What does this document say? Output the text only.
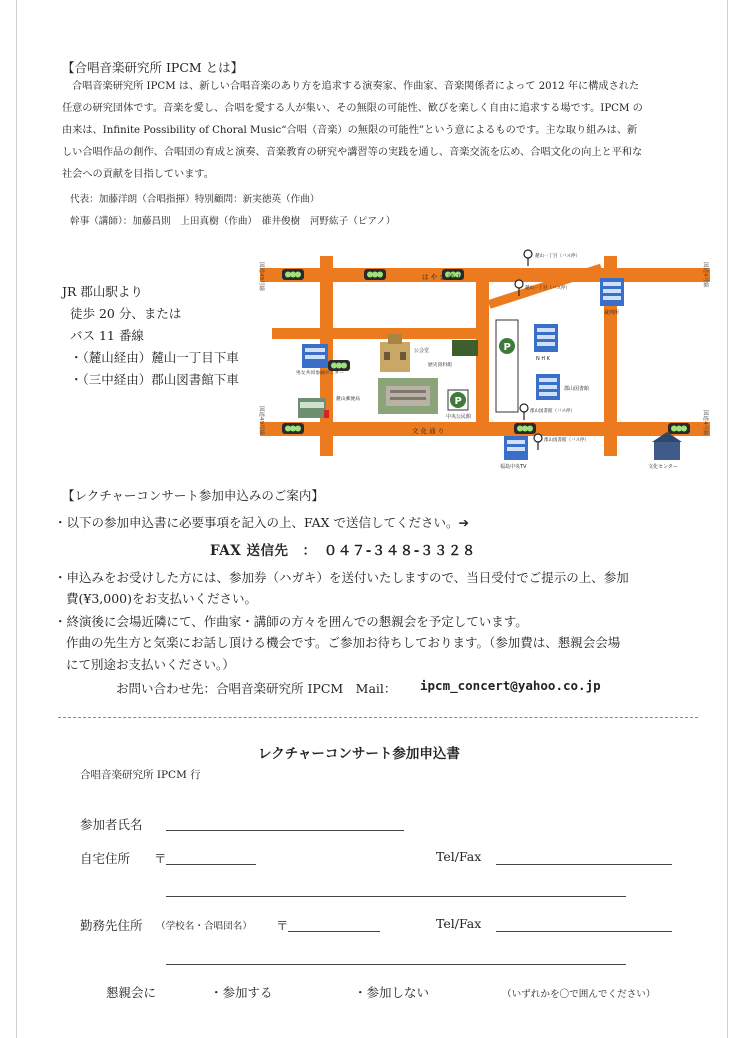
【合唱音楽研究所 IPCM とは】
合唱音楽研究所 IPCM は、新しい合唱音楽のあり方を追求する演奏家、作曲家、音楽関係者によって 2012 年に構成された
任意の研究団体です。音楽を愛し、合唱を愛する人が集い、その無限の可能性、歓びを楽しく自由に追求する場です。IPCM の
由来は、Infinite Possibility of Choral Music“合唱（音楽）の無限の可能性”という意によるものです。主な取り組みは、新
しい合唱作品の創作、合唱団の育成と演奏、音楽教育の研究や講習等の実践を通し、音楽交流を広め、合唱文化の向上と平和な
社会への貢献を目指しています。
代表：加藤洋朗（合唱指揮）特別顧問：新実徳英（作曲）
幹事（講師）：加藤昌則　上田真樹（作曲）　碓井俊樹　河野紘子（ピアノ）
JR 郡山駅より
徒歩 20 分、または
バス 11 番線
・（麓山経由）麓山一丁目下車
・（三中経由）郡山図書館下車
は や ま 通 り
文 化 通 り
国道49号線
国道49号線
国道4号線
国道4号線
麓山一丁目（バス停）
麓山一丁目（バス停）
郡山図書館（バス停）
郡山図書館（バス停）
P
P
裁判所
N H K
郡山図書館
公会堂
歴史資料館
男女共同参画センター
麓山郵便局
中央公民館
福島中央TV	文化センター
【レクチャーコンサート参加申込みのご案内】
・以下の参加申込書に必要事項を記入の上、FAX で送信してください。➔
FAX 送信先　：　０４７-３４８-３３２８
・申込みをお受けした方には、参加券（ハガキ）を送付いたしますので、当日受付でご提示の上、参加
費(¥3,000)をお支払いください。
・終演後に会場近隣にて、作曲家・講師の方々を囲んでの懇親会を予定しています。
作曲の先生方と気楽にお話し頂ける機会です。ご参加お待ちしております。（参加費は、懇親会会場
にて別途お支払いください。）
お問い合わせ先：合唱音楽研究所 IPCM　Mail： ipcm_concert@yahoo.co.jp
レクチャーコンサート参加申込書
合唱音楽研究所 IPCM 行
参加者氏名
自宅住所 〒	Tel/Fax
勤務先住所 （学校名・合唱団名） 〒	Tel/Fax
懇親会に	・参加する	・参加しない	（いずれかを〇で囲んでください）
